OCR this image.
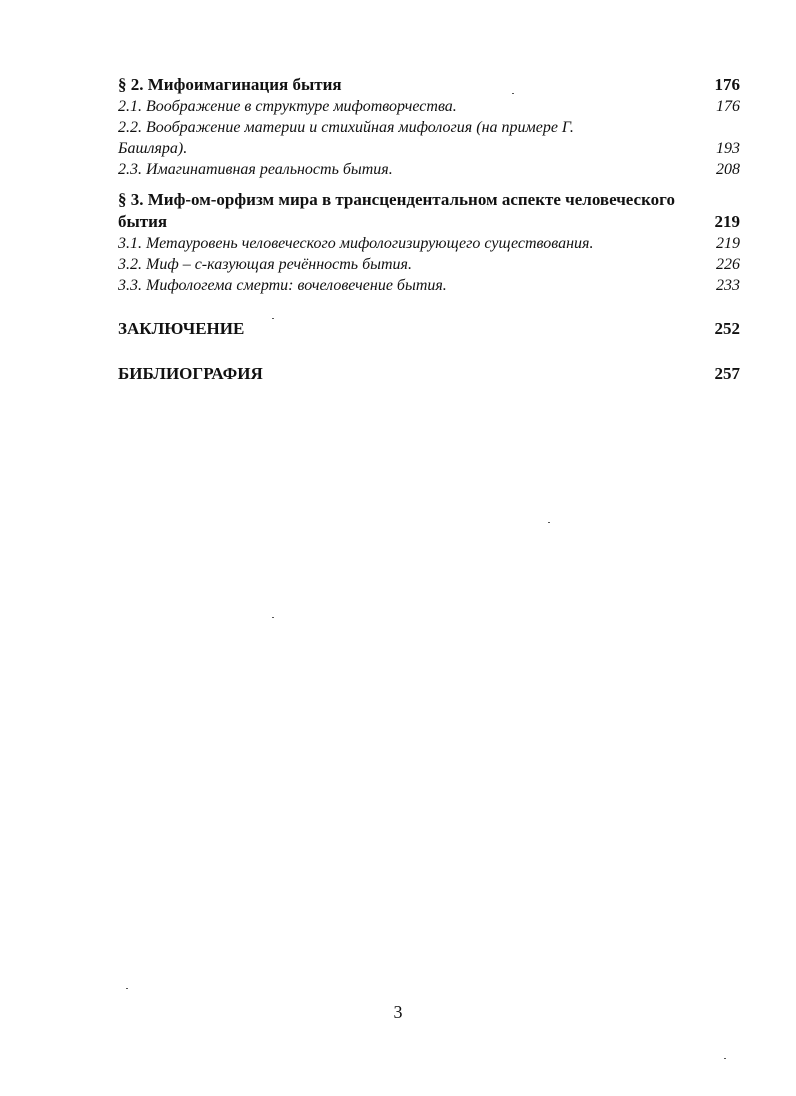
§ 2. Мифоимагинация бытия	176
2.1. Воображение в структуре мифотворчества.	176
2.2. Воображение материи и стихийная мифология (на примере Г.
Башляра).	193
2.3. Имагинативная реальность бытия.	208
§ 3. Миф-ом-орфизм мира в трансцендентальном аспекте человеческого
бытия	219
3.1. Метауровень человеческого мифологизирующего существования.	219
3.2. Миф – с-казующая речённость бытия.	226
3.3. Мифологема смерти: вочеловечение бытия.	233
ЗАКЛЮЧЕНИЕ	252
БИБЛИОГРАФИЯ	257
3
